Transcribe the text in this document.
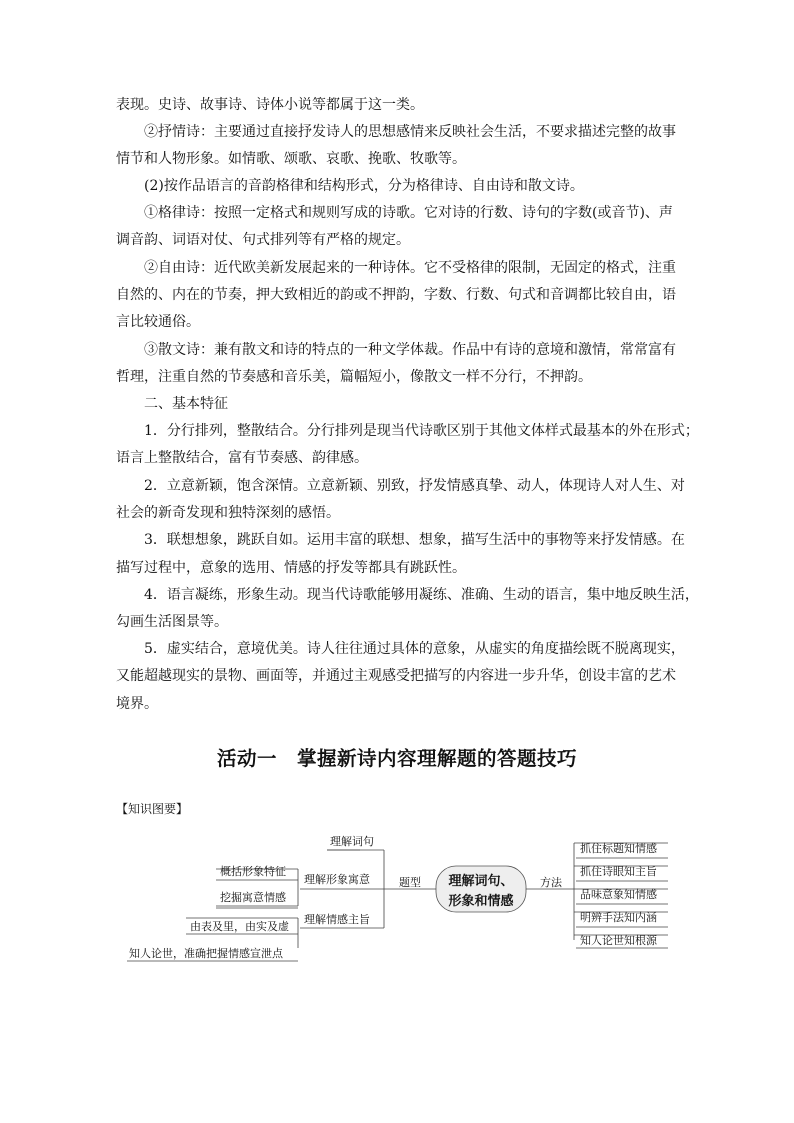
表现。史诗、故事诗、诗体小说等都属于这一类。

②抒情诗：主要通过直接抒发诗人的思想感情来反映社会生活，不要求描述完整的故事

情节和人物形象。如情歌、颂歌、哀歌、挽歌、牧歌等。

(2)按作品语言的音韵格律和结构形式，分为格律诗、自由诗和散文诗。

①格律诗：按照一定格式和规则写成的诗歌。它对诗的行数、诗句的字数(或音节)、声

调音韵、词语对仗、句式排列等有严格的规定。

②自由诗：近代欧美新发展起来的一种诗体。它不受格律的限制，无固定的格式，注重

自然的、内在的节奏，押大致相近的韵或不押韵，字数、行数、句式和音调都比较自由，语

言比较通俗。

③散文诗：兼有散文和诗的特点的一种文学体裁。作品中有诗的意境和激情，常常富有

哲理，注重自然的节奏感和音乐美，篇幅短小，像散文一样不分行，不押韵。

二、基本特征

1．分行排列，整散结合。分行排列是现当代诗歌区别于其他文体样式最基本的外在形式；

语言上整散结合，富有节奏感、韵律感。

2．立意新颖，饱含深情。立意新颖、别致，抒发情感真挚、动人，体现诗人对人生、对

社会的新奇发现和独特深刻的感悟。

3．联想想象，跳跃自如。运用丰富的联想、想象，描写生活中的事物等来抒发情感。在

描写过程中，意象的选用、情感的抒发等都具有跳跃性。

4．语言凝练，形象生动。现当代诗歌能够用凝练、准确、生动的语言，集中地反映生活，

勾画生活图景等。

5．虚实结合，意境优美。诗人往往通过具体的意象，从虚实的角度描绘既不脱离现实，

又能超越现实的景物、画面等，并通过主观感受把描写的内容进一步升华，创设丰富的艺术

境界。

活动一　掌握新诗内容理解题的答题技巧

【知识图要】

理解词句、
形象和情感
题型	方法
理解词句
理解形象寓意
理解情感主旨
概括形象特征
挖掘寓意情感
由表及里，由实及虚
知人论世，准确把握情感宣泄点
抓住标题知情感
抓住诗眼知主旨
品味意象知情感
明辨手法知内涵
知人论世知根源
